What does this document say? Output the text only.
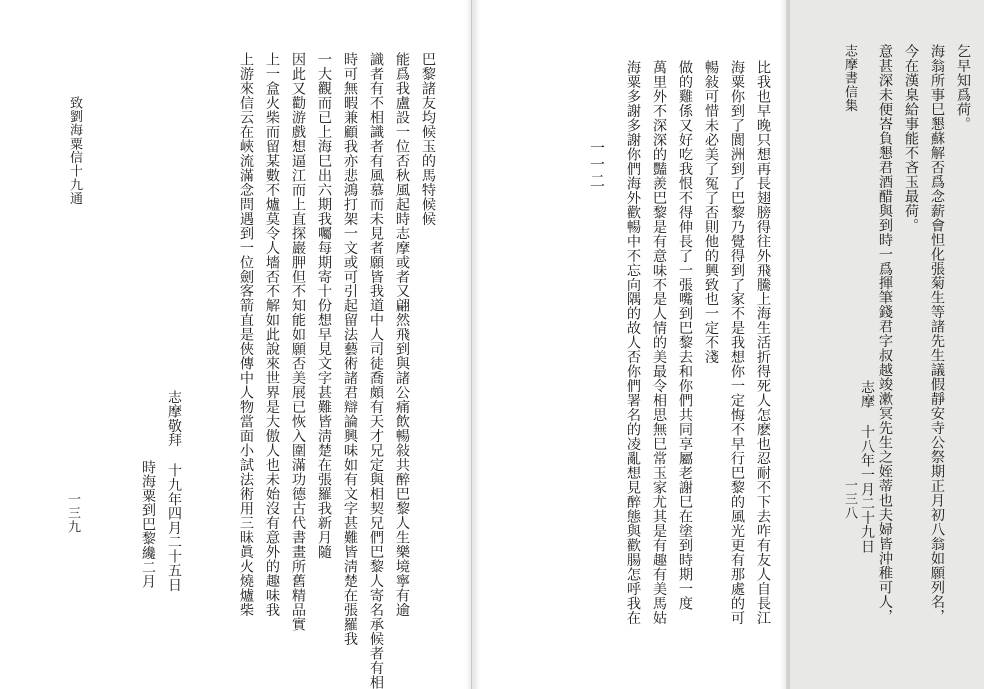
巴黎諸友均候玉的馬特候候
能爲我盧設一位否秋風起時志摩或者又翩然飛到與諸公痛飲暢敍共醉巴黎人生樂境寧有逾
識者有不相識者有風慕而未見者願皆我道中人司徒喬頗有天才兄定與相契兄們巴黎人寄名承候者有相
時可無暇兼顧我亦悲鴻打架一文或可引起留法藝術諸君辯論興味如有文字甚難皆淸楚在張羅我
一大觀而已上海巳出六期我囑每期寄十份想早見文字甚難皆淸楚在張羅我新月隨
因此又勸游戲想逼江而上直探巖胛但不知能如願否美展已恢入圍滿功德古代書畫所舊精品實
上一盒火柴而留某數不爐莫令人墻否不解如此說來世界是大傲人也未始沒有意外的趣味我
上游來信云在峽流滿念問遇到一位劍客箭直是俠傳中人物當面小試法術用三昧眞火燒爐柴
志摩敬拜 十九年四月二十五日
時海粟到巴黎纔二月
致劉海粟信十九通
一三九
一一二	比我也早晚只想再長翅膀得往外飛騰上海生活折得死人怎麽也忍耐不下去咋有友人自長江
海粟你到了閬洲到了巴黎乃覺得到了家不是我想你一定悔不早行巴黎的風光更有那處的可
暢敍可惜未必美了冤了否則他的興致也一定不淺
做的雞係又好吃我恨不得伸長了一張嘴到巴黎去和你們共同享屬老謝巳在塗到時期一度
萬里外不深深的豔羨巴黎是有意味不是人情的美最令相思無巳常玉家尤其是有趣有美馬姑
海粟多謝多謝你們海外歡暢中不忘向隅的故人否你們署名的凌亂想見醉態與歡腸怎呼我在	乞早知爲荷。
海翁所事巳懇蘇解否爲念薪會怛化張菊生等諸先生議假靜安寺公祭期正月初八翁如願列名，
今在漢臬給事能不吝玉最荷。
意甚深未便峇負懇君酒醋與到時一爲揮筆錢君字叔越竣漱冥先生之姪蒂也夫婦皆沖稚可人，
志摩 十八年一月二十九日
志摩書信集
一三八
